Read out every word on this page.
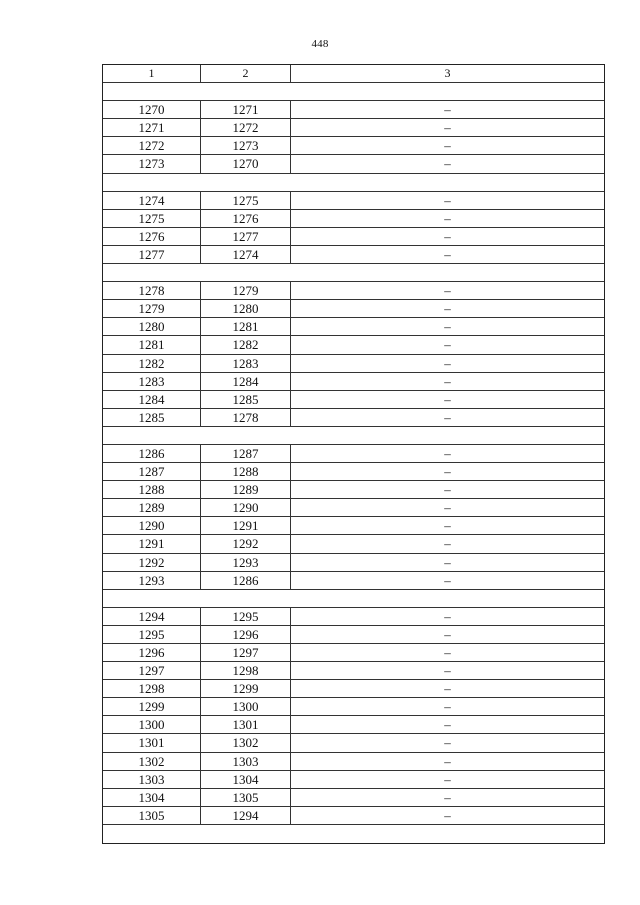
448
1	2	3
1270	1271	–
1271	1272	–
1272	1273	–
1273	1270	–
1274	1275	–
1275	1276	–
1276	1277	–
1277	1274	–
1278	1279	–
1279	1280	–
1280	1281	–
1281	1282	–
1282	1283	–
1283	1284	–
1284	1285	–
1285	1278	–
1286	1287	–
1287	1288	–
1288	1289	–
1289	1290	–
1290	1291	–
1291	1292	–
1292	1293	–
1293	1286	–
1294	1295	–
1295	1296	–
1296	1297	–
1297	1298	–
1298	1299	–
1299	1300	–
1300	1301	–
1301	1302	–
1302	1303	–
1303	1304	–
1304	1305	–
1305	1294	–
